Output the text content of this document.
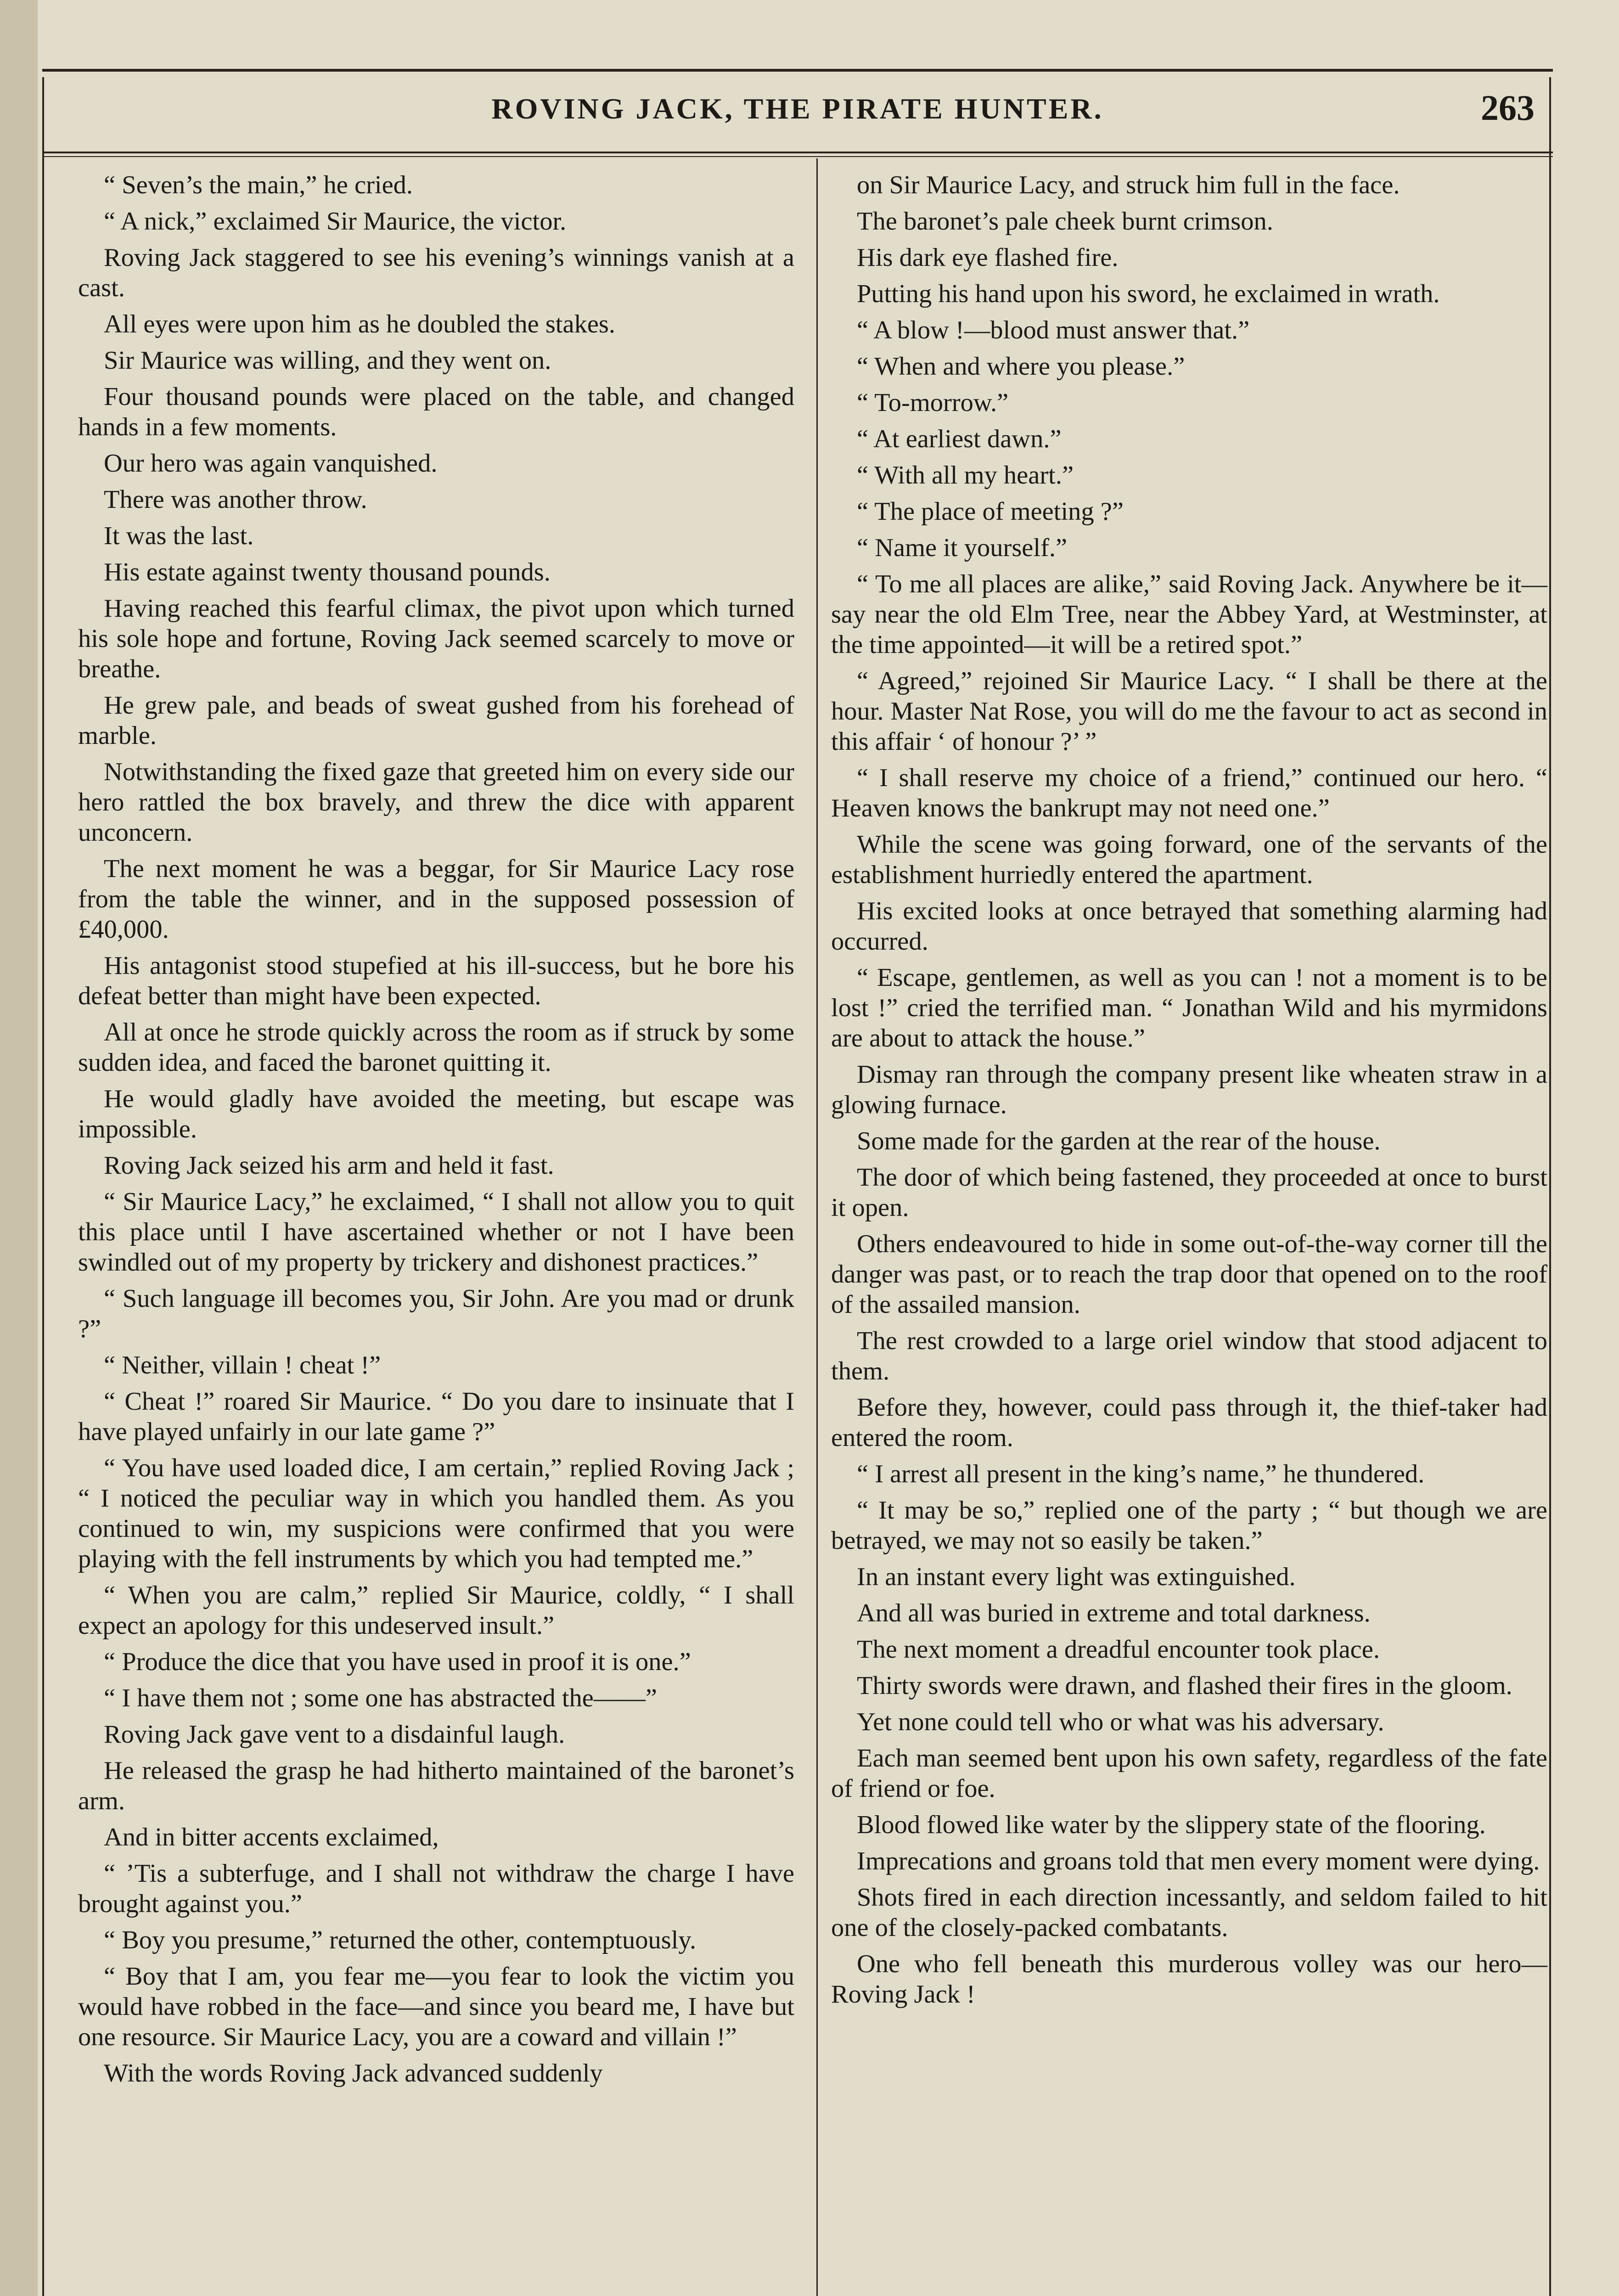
ROVING JACK, THE PIRATE HUNTER.	263

“ Seven’s the main,” he cried.

“ A nick,” exclaimed Sir Maurice, the victor.

Roving Jack staggered to see his evening’s winnings vanish at a cast.

All eyes were upon him as he doubled the stakes.

Sir Maurice was willing, and they went on.

Four thousand pounds were placed on the table, and changed hands in a few moments.

Our hero was again vanquished.

There was another throw.

It was the last.

His estate against twenty thousand pounds.

Having reached this fearful climax, the pivot upon which turned his sole hope and fortune, Roving Jack seemed scarcely to move or breathe.

He grew pale, and beads of sweat gushed from his forehead of marble.

Notwithstanding the fixed gaze that greeted him on every side our hero rattled the box bravely, and threw the dice with apparent unconcern.

The next moment he was a beggar, for Sir Maurice Lacy rose from the table the winner, and in the supposed possession of £40,000.

His antagonist stood stupefied at his ill-success, but he bore his defeat better than might have been expected.

All at once he strode quickly across the room as if struck by some sudden idea, and faced the baronet quitting it.

He would gladly have avoided the meeting, but escape was impossible.

Roving Jack seized his arm and held it fast.

“ Sir Maurice Lacy,” he exclaimed, “ I shall not allow you to quit this place until I have ascertained whether or not I have been swindled out of my property by trickery and dishonest practices.”

“ Such language ill becomes you, Sir John. Are you mad or drunk ?”

“ Neither, villain ! cheat !”

“ Cheat !” roared Sir Maurice. “ Do you dare to insinuate that I have played unfairly in our late game ?”

“ You have used loaded dice, I am certain,” replied Roving Jack ; “ I noticed the peculiar way in which you handled them. As you continued to win, my suspicions were confirmed that you were playing with the fell instruments by which you had tempted me.”

“ When you are calm,” replied Sir Maurice, coldly, “ I shall expect an apology for this undeserved insult.”

“ Produce the dice that you have used in proof it is one.”

“ I have them not ; some one has abstracted the——”

Roving Jack gave vent to a disdainful laugh.

He released the grasp he had hitherto maintained of the baronet’s arm.

And in bitter accents exclaimed,

“ ’Tis a subterfuge, and I shall not withdraw the charge I have brought against you.”

“ Boy you presume,” returned the other, contemptuously.

“ Boy that I am, you fear me—you fear to look the victim you would have robbed in the face—and since you beard me, I have but one resource. Sir Maurice Lacy, you are a coward and villain !”

With the words Roving Jack advanced suddenly

on Sir Maurice Lacy, and struck him full in the face.

The baronet’s pale cheek burnt crimson.

His dark eye flashed fire.

Putting his hand upon his sword, he exclaimed in wrath.

“ A blow !—blood must answer that.”

“ When and where you please.”

“ To-morrow.”

“ At earliest dawn.”

“ With all my heart.”

“ The place of meeting ?”

“ Name it yourself.”

“ To me all places are alike,” said Roving Jack. Anywhere be it—say near the old Elm Tree, near the Abbey Yard, at Westminster, at the time appointed—it will be a retired spot.”

“ Agreed,” rejoined Sir Maurice Lacy. “ I shall be there at the hour. Master Nat Rose, you will do me the favour to act as second in this affair ‘ of honour ?’ ”

“ I shall reserve my choice of a friend,” continued our hero. “ Heaven knows the bankrupt may not need one.”

While the scene was going forward, one of the servants of the establishment hurriedly entered the apartment.

His excited looks at once betrayed that something alarming had occurred.

“ Escape, gentlemen, as well as you can ! not a moment is to be lost !” cried the terrified man. “ Jonathan Wild and his myrmidons are about to attack the house.”

Dismay ran through the company present like wheaten straw in a glowing furnace.

Some made for the garden at the rear of the house.

The door of which being fastened, they proceeded at once to burst it open.

Others endeavoured to hide in some out-of-the-way corner till the danger was past, or to reach the trap door that opened on to the roof of the assailed mansion.

The rest crowded to a large oriel window that stood adjacent to them.

Before they, however, could pass through it, the thief-taker had entered the room.

“ I arrest all present in the king’s name,” he thundered.

“ It may be so,” replied one of the party ; “ but though we are betrayed, we may not so easily be taken.”

In an instant every light was extinguished.

And all was buried in extreme and total darkness.

The next moment a dreadful encounter took place.

Thirty swords were drawn, and flashed their fires in the gloom.

Yet none could tell who or what was his adversary.

Each man seemed bent upon his own safety, regardless of the fate of friend or foe.

Blood flowed like water by the slippery state of the flooring.

Imprecations and groans told that men every moment were dying.

Shots fired in each direction incessantly, and seldom failed to hit one of the closely-packed combatants.

One who fell beneath this murderous volley was our hero—Roving Jack !
